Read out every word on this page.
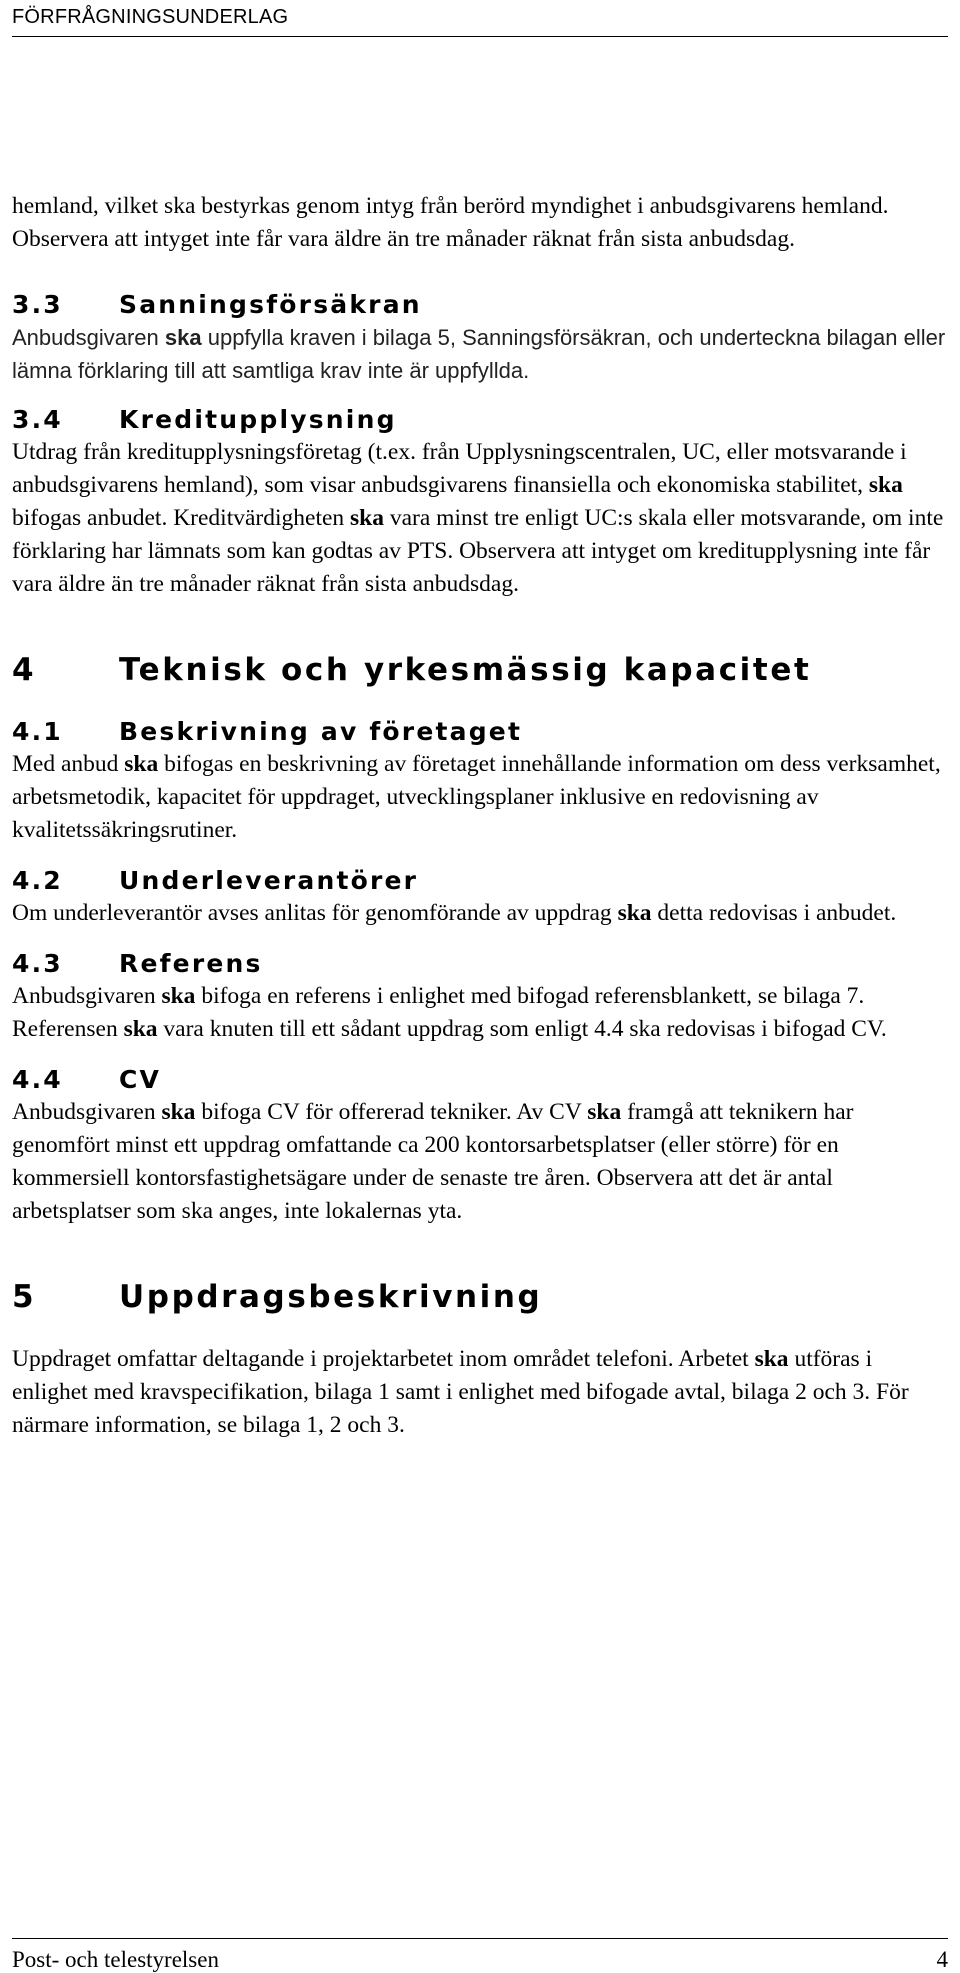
FÖRFRÅGNINGSUNDERLAG

hemland, vilket ska bestyrkas genom intyg från berörd myndighet i anbudsgivarens hemland. Observera att intyget inte får vara äldre än tre månader räknat från sista anbudsdag.

3.3	Sanningsförsäkran

Anbudsgivaren ska uppfylla kraven i bilaga 5, Sanningsförsäkran, och underteckna bilagan eller lämna förklaring till att samtliga krav inte är uppfyllda.

3.4	Kreditupplysning

Utdrag från kreditupplysningsföretag (t.ex. från Upplysningscentralen, UC, eller motsvarande i anbudsgivarens hemland), som visar anbudsgivarens finansiella och ekonomiska stabilitet, ska bifogas anbudet. Kreditvärdigheten ska vara minst tre enligt UC:s skala eller motsvarande, om inte förklaring har lämnats som kan godtas av PTS. Observera att intyget om kreditupplysning inte får vara äldre än tre månader räknat från sista anbudsdag.

4	Teknisk och yrkesmässig kapacitet
4.1	Beskrivning av företaget

Med anbud ska bifogas en beskrivning av företaget innehållande information om dess verksamhet, arbetsmetodik, kapacitet för uppdraget, utvecklingsplaner inklusive en redovisning av kvalitetssäkringsrutiner.

4.2	Underleverantörer

Om underleverantör avses anlitas för genomförande av uppdrag ska detta redovisas i anbudet.

4.3	Referens

Anbudsgivaren ska bifoga en referens i enlighet med bifogad referensblankett, se bilaga 7. Referensen ska vara knuten till ett sådant uppdrag som enligt 4.4 ska redovisas i bifogad CV.

4.4	CV

Anbudsgivaren ska bifoga CV för offererad tekniker. Av CV ska framgå att teknikern har genomfört minst ett uppdrag omfattande ca 200 kontorsarbetsplatser (eller större) för en kommersiell kontorsfastighetsägare under de senaste tre åren. Observera att det är antal arbetsplatser som ska anges, inte lokalernas yta.

5	Uppdragsbeskrivning

Uppdraget omfattar deltagande i projektarbetet inom området telefoni. Arbetet ska utföras i enlighet med kravspecifikation, bilaga 1 samt i enlighet med bifogade avtal, bilaga 2 och 3. För närmare information, se bilaga 1, 2 och 3.

Post- och telestyrelsen	4
